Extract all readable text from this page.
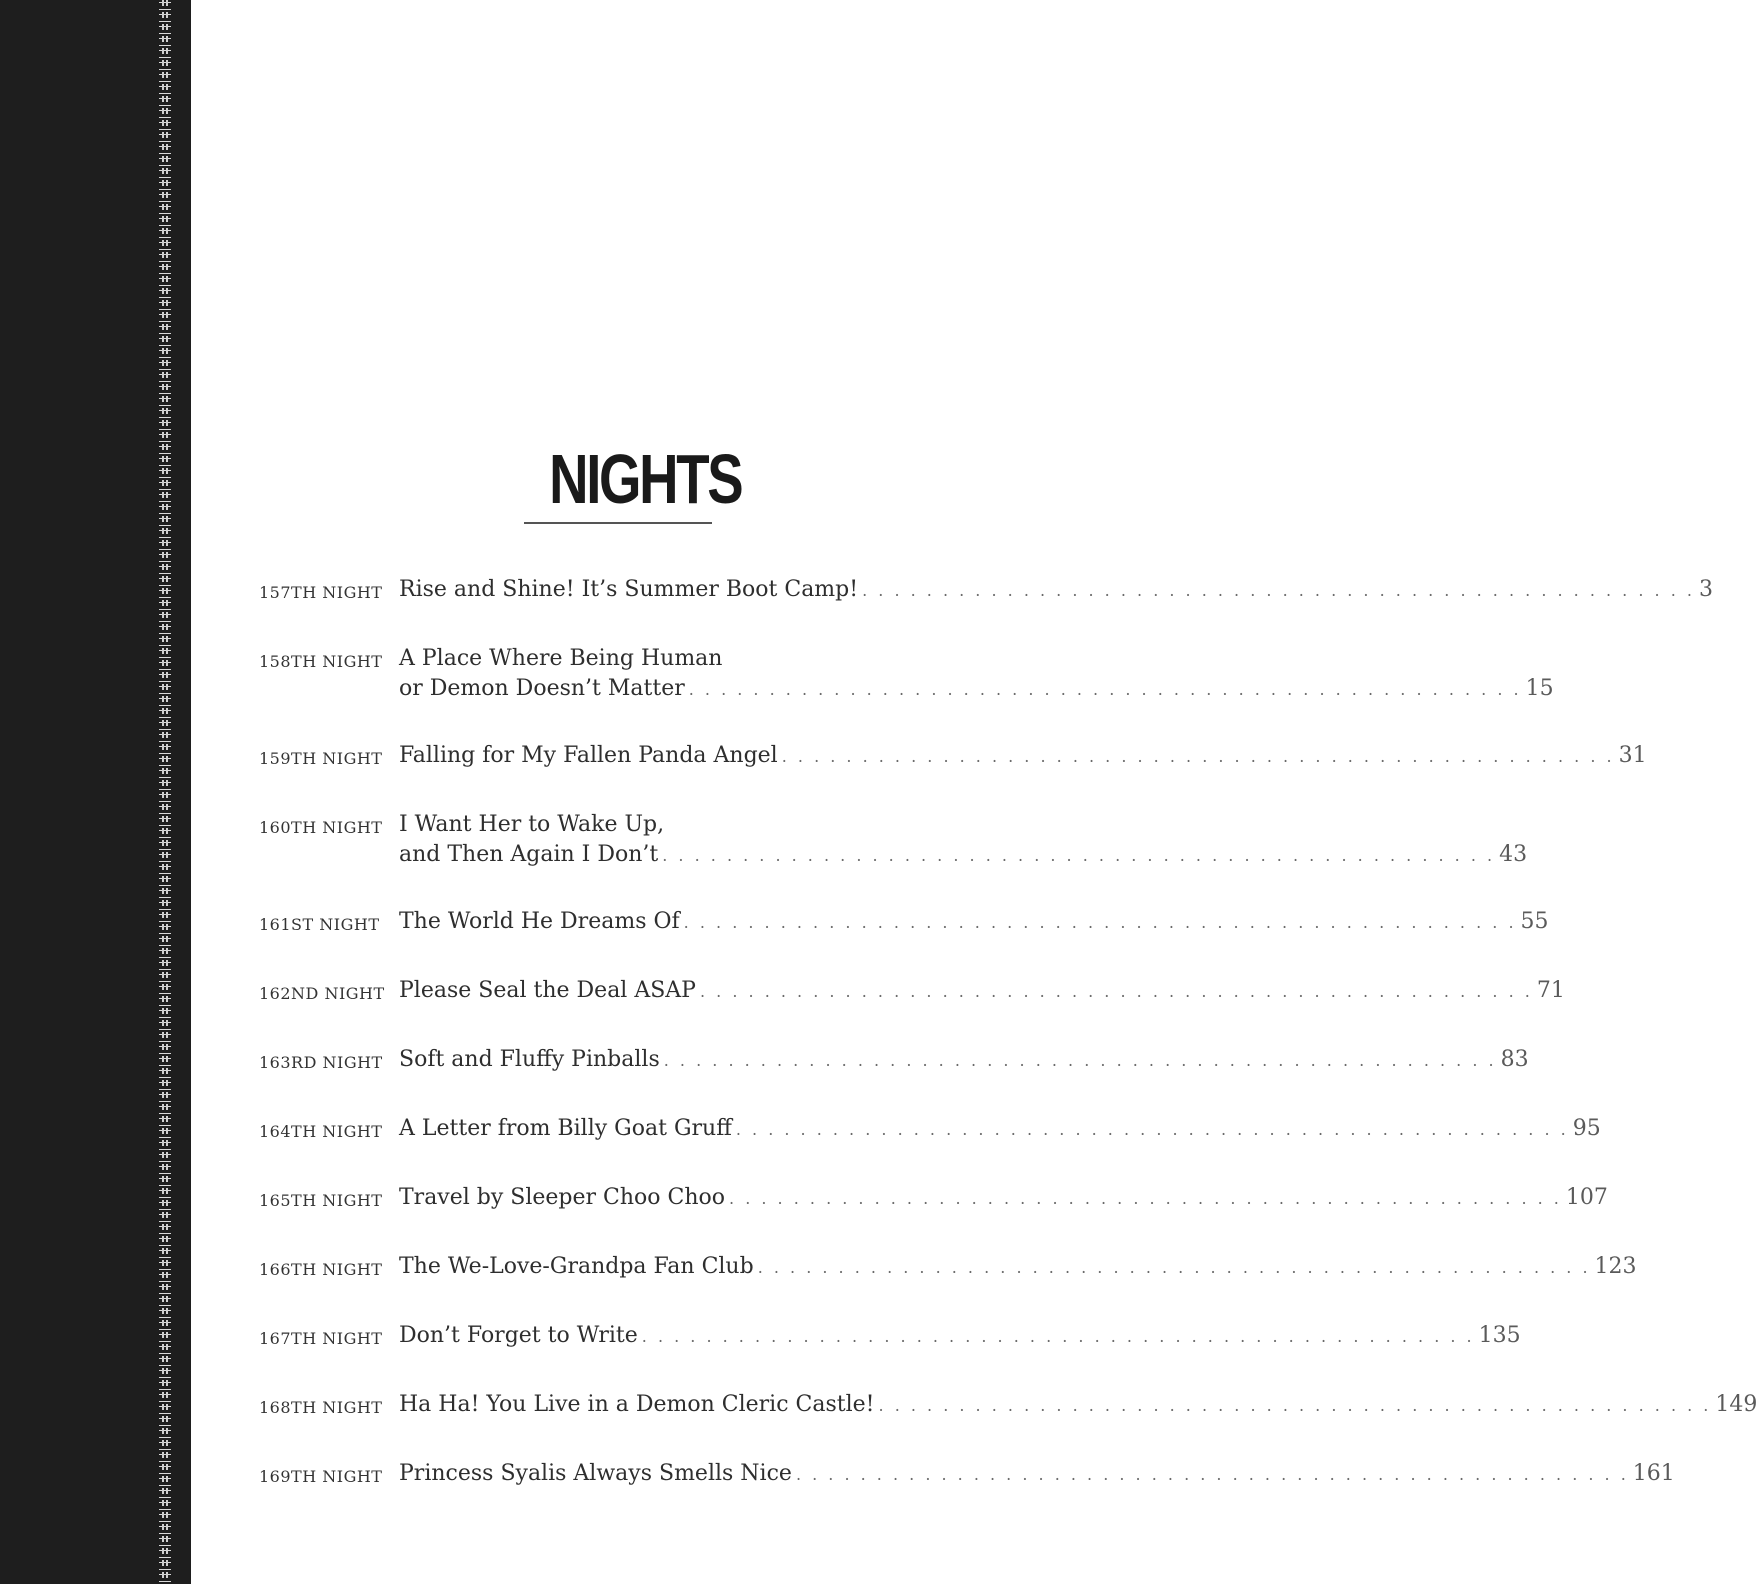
NIGHTS
157TH NIGHT Rise and Shine! It’s Summer Boot Camp! . . .	3
158TH NIGHT A Place Where Being Human
or Demon Doesn’t Matter . . .	15
159TH NIGHT Falling for My Fallen Panda Angel . . .	31
160TH NIGHT I Want Her to Wake Up,
and Then Again I Don’t . . .	43
161ST NIGHT The World He Dreams Of . . .	55
162ND NIGHT Please Seal the Deal ASAP . . .	71
163RD NIGHT Soft and Fluffy Pinballs . . .	83
164TH NIGHT A Letter from Billy Goat Gruff . . .	95
165TH NIGHT Travel by Sleeper Choo Choo . . .	107
166TH NIGHT The We-Love-Grandpa Fan Club . . .	123
167TH NIGHT Don’t Forget to Write . . .	135
168TH NIGHT Ha Ha! You Live in a Demon Cleric Castle! . . .	149
169TH NIGHT Princess Syalis Always Smells Nice . . .	161
